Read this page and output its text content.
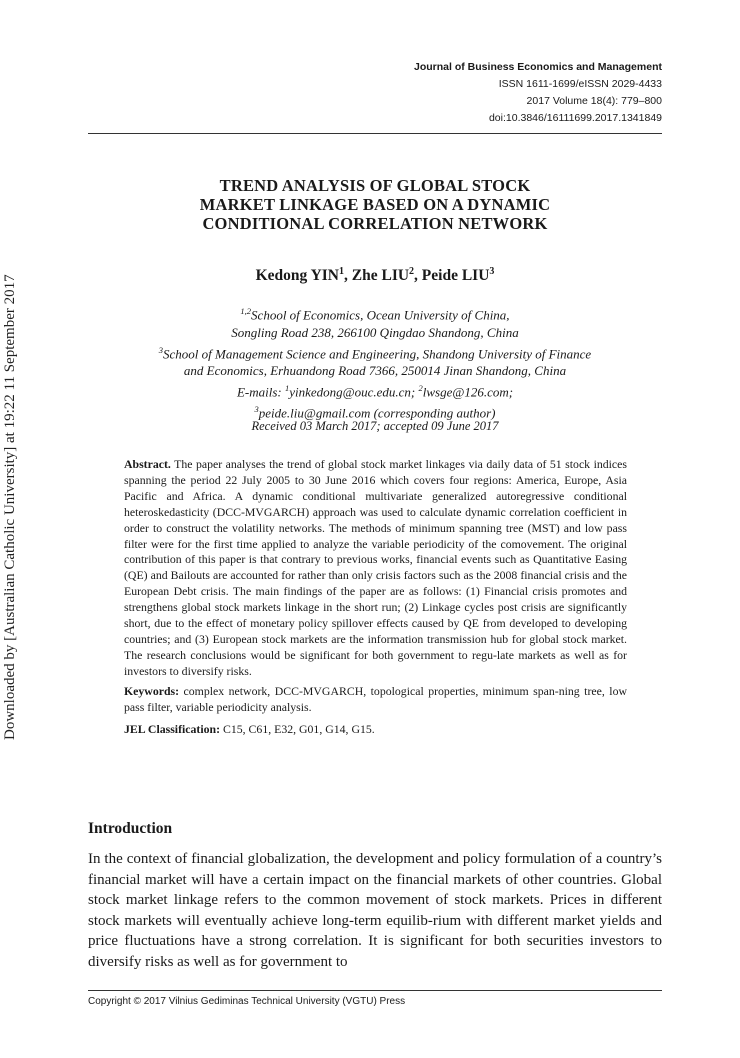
Journal of Business Economics and Management
ISSN 1611-1699/eISSN 2029-4433
2017 Volume 18(4): 779–800
doi:10.3846/16111699.2017.1341849
Downloaded by [Australian Catholic University] at 19:22 11 September 2017
TREND ANALYSIS OF GLOBAL STOCK
MARKET LINKAGE BASED ON A DYNAMIC
CONDITIONAL CORRELATION NETWORK
Kedong YIN$^1$, Zhe LIU$^2$, Peide LIU$^3$
$^{1,2}$School of Economics, Ocean University of China,
Songling Road 238, 266100 Qingdao Shandong, China
$^3$School of Management Science and Engineering, Shandong University of Finance
and Economics, Erhuandong Road 7366, 250014 Jinan Shandong, China
E-mails: $^1$yinkedong@ouc.edu.cn; $^2$lwsge@126.com;
$^3$peide.liu@gmail.com (corresponding author)
Received 03 March 2017; accepted 09 June 2017

Abstract. The paper analyses the trend of global stock market linkages via daily data of 51 stock indices spanning the period 22 July 2005 to 30 June 2016 which covers four regions: America, Europe, Asia Pacific and Africa. A dynamic conditional multivariate generalized autoregressive conditional heteroskedasticity (DCC-MVGARCH) approach was used to calculate dynamic correlation coefficient in order to construct the volatility networks. The methods of minimum spanning tree (MST) and low pass filter were for the first time applied to analyze the variable periodicity of the comovement. The original contribution of this paper is that contrary to previous works, financial events such as Quantitative Easing (QE) and Bailouts are accounted for rather than only crisis factors such as the 2008 financial crisis and the European Debt crisis. The main findings of the paper are as follows: (1) Financial crisis promotes and strengthens global stock markets linkage in the short run; (2) Linkage cycles post crisis are significantly short, due to the effect of monetary policy spillover effects caused by QE from developed to developing countries; and (3) European stock markets are the information transmission hub for global stock market. The research conclusions would be significant for both government to regu-late markets as well as for investors to diversify risks.

Keywords: complex network, DCC-MVGARCH, topological properties, minimum span-ning tree, low pass filter, variable periodicity analysis.

JEL Classification: C15, C61, E32, G01, G14, G15.

Introduction

In the context of financial globalization, the development and policy formulation of a country’s financial market will have a certain impact on the financial markets of other countries. Global stock market linkage refers to the common movement of stock markets. Prices in different stock markets will eventually achieve long-term equilib-rium with different market yields and price fluctuations have a strong correlation. It is significant for both securities investors to diversify risks as well as for government to

Copyright © 2017 Vilnius Gediminas Technical University (VGTU) Press
